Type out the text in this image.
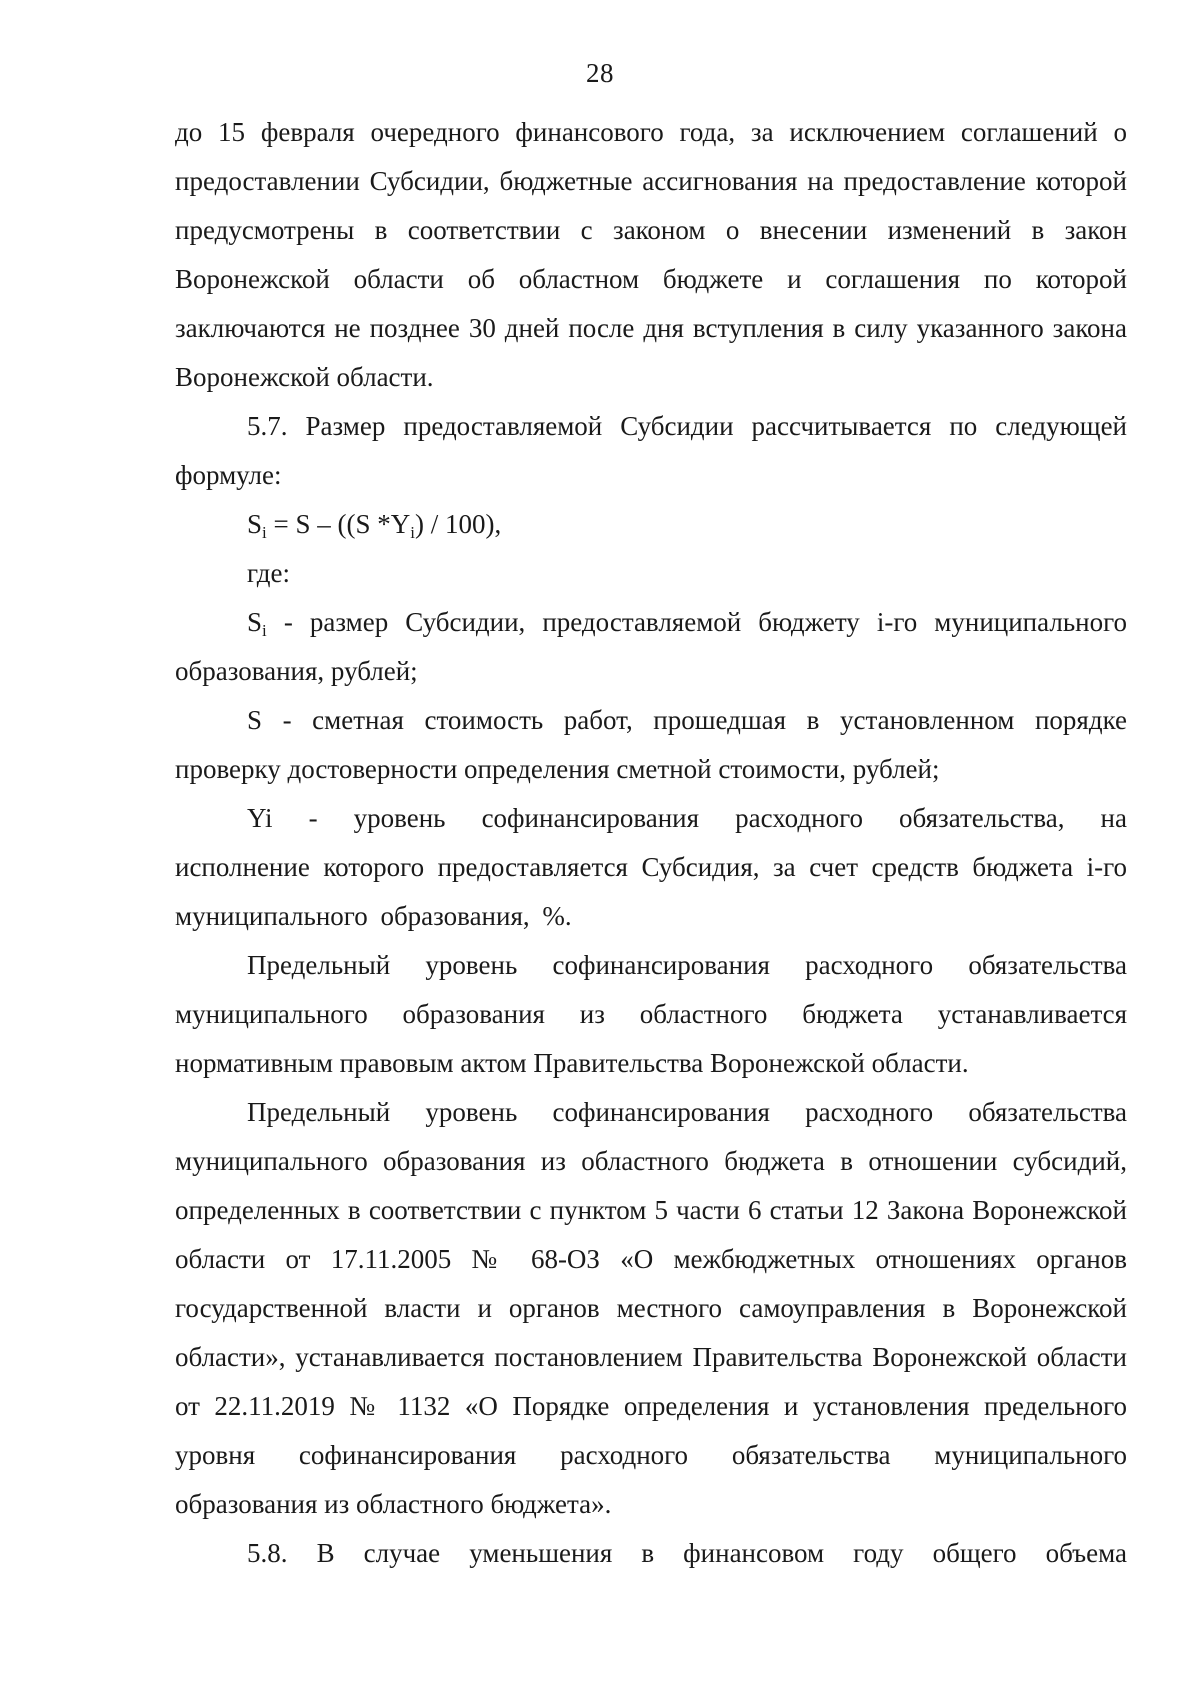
28

до 15 февраля очередного финансового года, за исключением соглашений о предоставлении Субсидии, бюджетные ассигнования на предоставление которой предусмотрены в соответствии с законом о внесении изменений в закон Воронежской области об областном бюджете и соглашения по которой заключаются не позднее 30 дней после дня вступления в силу указанного закона Воронежской области.

5.7. Размер предоставляемой Субсидии рассчитывается по следующей формуле:

$S_i = S - ((S$ $*Y_i) / 100$),

где:

$S_i$ - размер Субсидии, предоставляемой бюджету i-го муниципального образования, рублей;

S - сметная стоимость работ, прошедшая в установленном порядке проверку достоверности определения сметной стоимости, рублей;

Yi - уровень софинансирования расходного обязательства, на исполнение которого предоставляется Субсидия, за счет средств бюджета i-го муниципального образования, %.

Предельный уровень софинансирования расходного обязательства муниципального образования из областного бюджета устанавливается нормативным правовым актом Правительства Воронежской области.

Предельный уровень софинансирования расходного обязательства муниципального образования из областного бюджета в отношении субсидий, определенных в соответствии с пунктом 5 части 6 статьи 12 Закона Воронежской области от 17.11.2005 № 68-ОЗ «О межбюджетных отношениях органов государственной власти и органов местного самоуправления в Воронежской области», устанавливается постановлением Правительства Воронежской области от 22.11.2019 № 1132 «О Порядке определения и установления предельного уровня софинансирования расходного обязательства муниципального образования из областного бюджета».

5.8. В случае уменьшения в финансовом году общего объема
